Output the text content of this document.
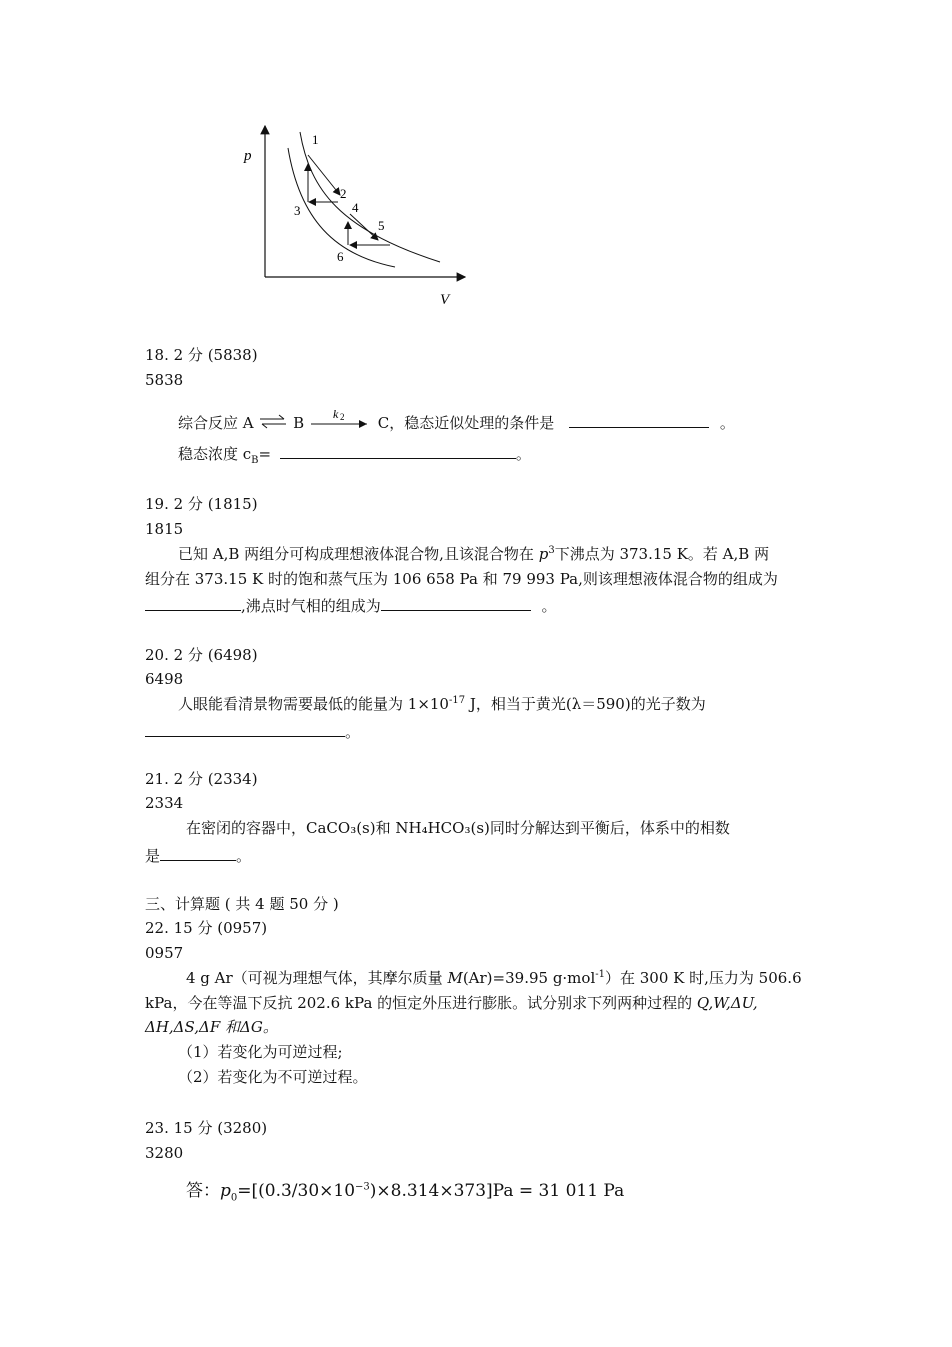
p
V
1
2
3	4
5
6
18. 2 分 (5838)
5838
综合反应 A ⇌ B k 2 C，稳态近似处理的条件是	。
稳态浓度 $c_B=$	。
19. 2 分 (1815)
1815
已知 A,B 两组分可构成理想液体混合物,且该混合物在 $p^3$下沸点为 373.15 K。若 A,B 两
组分在 373.15 K 时的饱和蒸气压为 106 658 Pa 和 79 993 Pa,则该理想液体混合物的组成为
,沸点时气相的组成为	。
20. 2 分 (6498)
6498
人眼能看清景物需要最低的能量为 $1\times 10^{-17}$ J，相当于黄光(λ＝590)的光子数为
。
21. 2 分 (2334)
2334
在密闭的容器中，CaCO₃(s)和 NH₄HCO₃(s)同时分解达到平衡后，体系中的相数
是	。
三、计算题 ( 共 4 题 50 分 )
22. 15 分 (0957)
0957
4 g Ar（可视为理想气体，其摩尔质量 M(Ar)=39.95 g·mol$^{-1}$）在 300 K 时,压力为 506.6
kPa，今在等温下反抗 202.6 kPa 的恒定外压进行膨胀。试分别求下列两种过程的 Q,W,ΔU,
ΔH,ΔS,ΔF 和ΔG。
（1）若变化为可逆过程;
（2）若变化为不可逆过程。
23. 15 分 (3280)
3280
答：$p_0=[(0.3/30\times 10^{-3})\times 8.314\times 373]Pa = 31$ 011 Pa
